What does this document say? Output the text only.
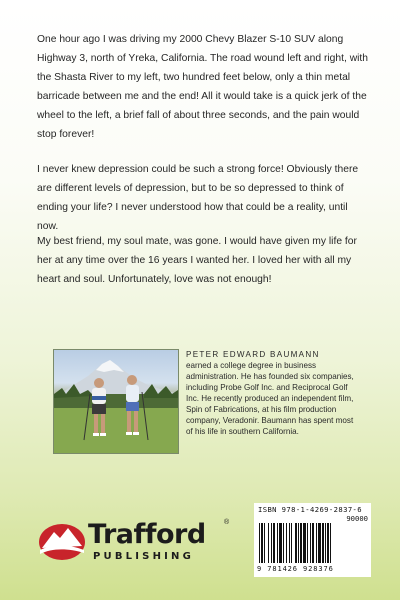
One hour ago I was driving my 2000 Chevy Blazer S-10 SUV along Highway 3, north of Yreka, California. The road wound left and right, with the Shasta River to my left, two hundred feet below, only a thin metal barricade between me and the end! All it would take is a quick jerk of the wheel to the left, a brief fall of about three seconds, and the pain would stop forever!

I never knew depression could be such a strong force! Obviously there are different levels of depression, but to be so depressed to think of ending your life? I never understood how that could be a reality, until now.

My best friend, my soul mate, was gone. I would have given my life for her at any time over the 16 years I wanted her. I loved her with all my heart and soul. Unfortunately, love was not enough!

PETER EDWARD BAUMANN
earned a college degree in business administration. He has founded six companies, including Probe Golf Inc. and Reciprocal Golf Inc. He recently produced an independent film, Spin of Fabrications, at his film production company, Veradonir. Baumann has spent most of his life in southern California.

Trafford	®
PUBLISHING
ISBN 978-1-4269-2837-6
90000
9 781426 928376
